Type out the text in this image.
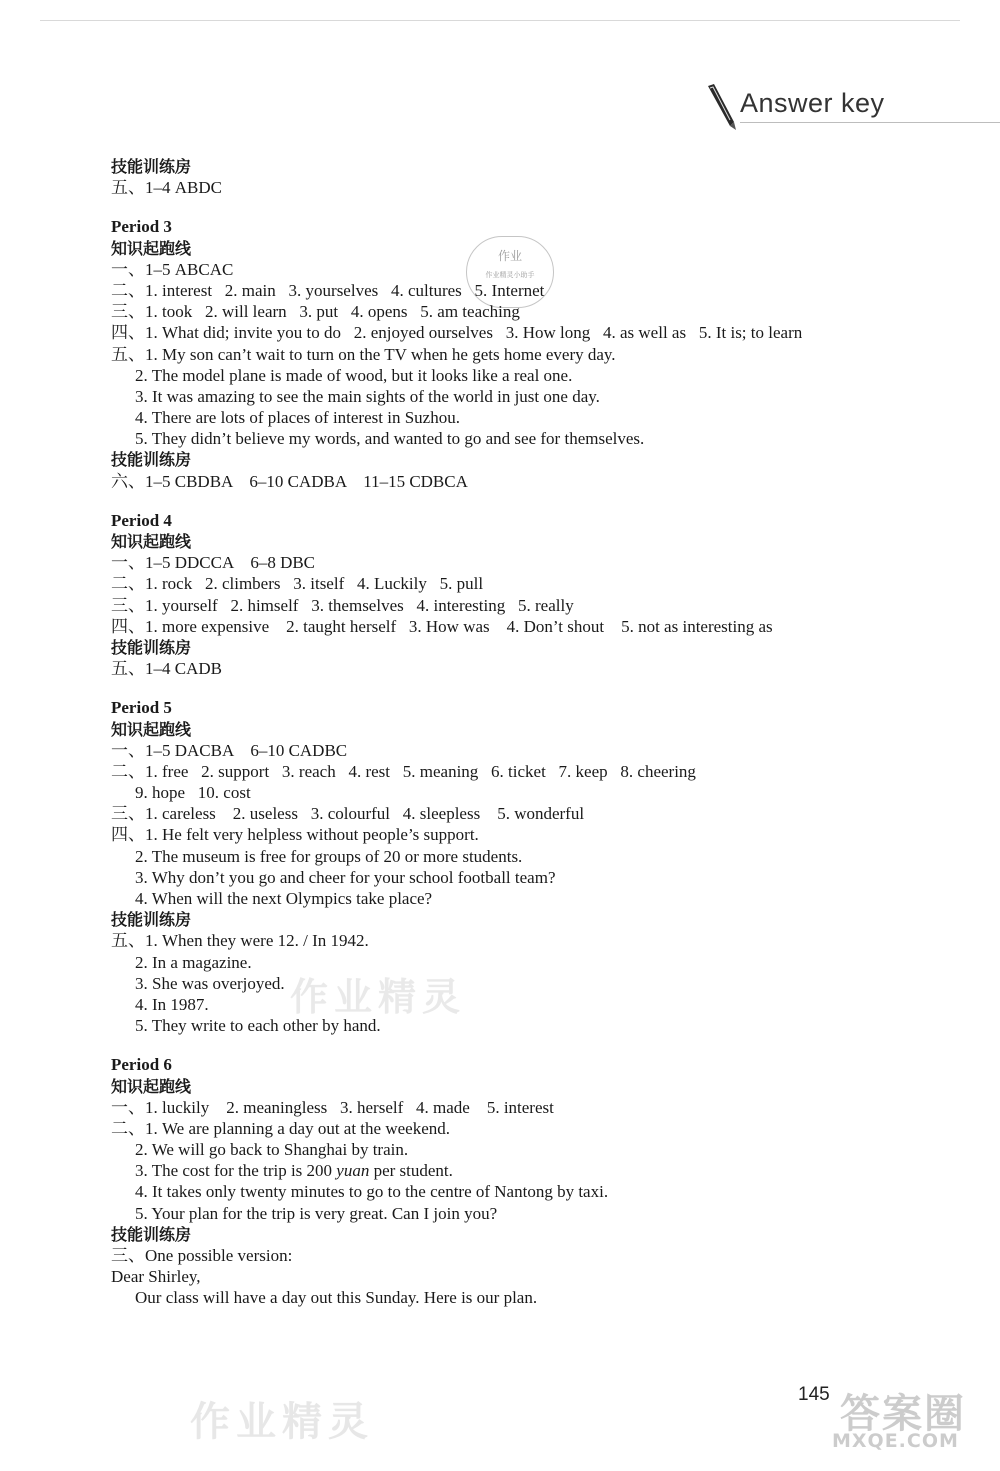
Answer key
作业
作业精灵小助手
技能训练房
五、1–4 ABDC
Period 3
知识起跑线
一、1–5 ABCAC
二、1. interest   2. main   3. yourselves   4. cultures   5. Internet
三、1. took   2. will learn   3. put   4. opens   5. am teaching
四、1. What did; invite you to do   2. enjoyed ourselves   3. How long   4. as well as   5. It is; to learn
五、1. My son can’t wait to turn on the TV when he gets home every day.
2. The model plane is made of wood, but it looks like a real one.
3. It was amazing to see the main sights of the world in just one day.
4. There are lots of places of interest in Suzhou.
5. They didn’t believe my words, and wanted to go and see for themselves.
技能训练房
六、1–5 CBDBA    6–10 CADBA    11–15 CDBCA
Period 4
知识起跑线
一、1–5 DDCCA    6–8 DBC
二、1. rock   2. climbers   3. itself   4. Luckily   5. pull
三、1. yourself   2. himself   3. themselves   4. interesting   5. really
四、1. more expensive    2. taught herself   3. How was    4. Don’t shout    5. not as interesting as
技能训练房
五、1–4 CADB
Period 5
知识起跑线
一、1–5 DACBA    6–10 CADBC
二、1. free   2. support   3. reach   4. rest   5. meaning   6. ticket   7. keep   8. cheering
9. hope   10. cost
三、1. careless    2. useless   3. colourful   4. sleepless    5. wonderful
四、1. He felt very helpless without people’s support.
2. The museum is free for groups of 20 or more students.
3. Why don’t you go and cheer for your school football team?
4. When will the next Olympics take place?
技能训练房
五、1. When they were 12. / In 1942.
2. In a magazine.
3. She was overjoyed.
4. In 1987.
5. They write to each other by hand.
Period 6
知识起跑线
一、1. luckily    2. meaningless   3. herself   4. made    5. interest
二、1. We are planning a day out at the weekend.
2. We will go back to Shanghai by train.
3. The cost for the trip is 200 yuan per student.
4. It takes only twenty minutes to go to the centre of Nantong by taxi.
5. Your plan for the trip is very great. Can I join you?
技能训练房
三、One possible version:
Dear Shirley,
Our class will have a day out this Sunday. Here is our plan.
作业精灵
作业精灵
145 答案圈
MXQE.COM
